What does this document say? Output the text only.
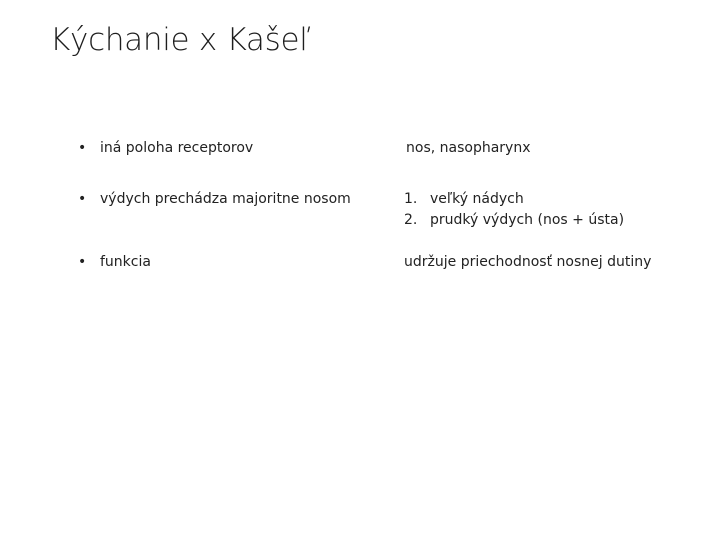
Kýchanie x Kašeľ
• iná poloha receptorov
• výdych prechádza majoritne nosom
• funkcia
nos, nasopharynx
1. veľký nádych
2. prudký výdych (nos + ústa)
udržuje priechodnosť nosnej dutiny
